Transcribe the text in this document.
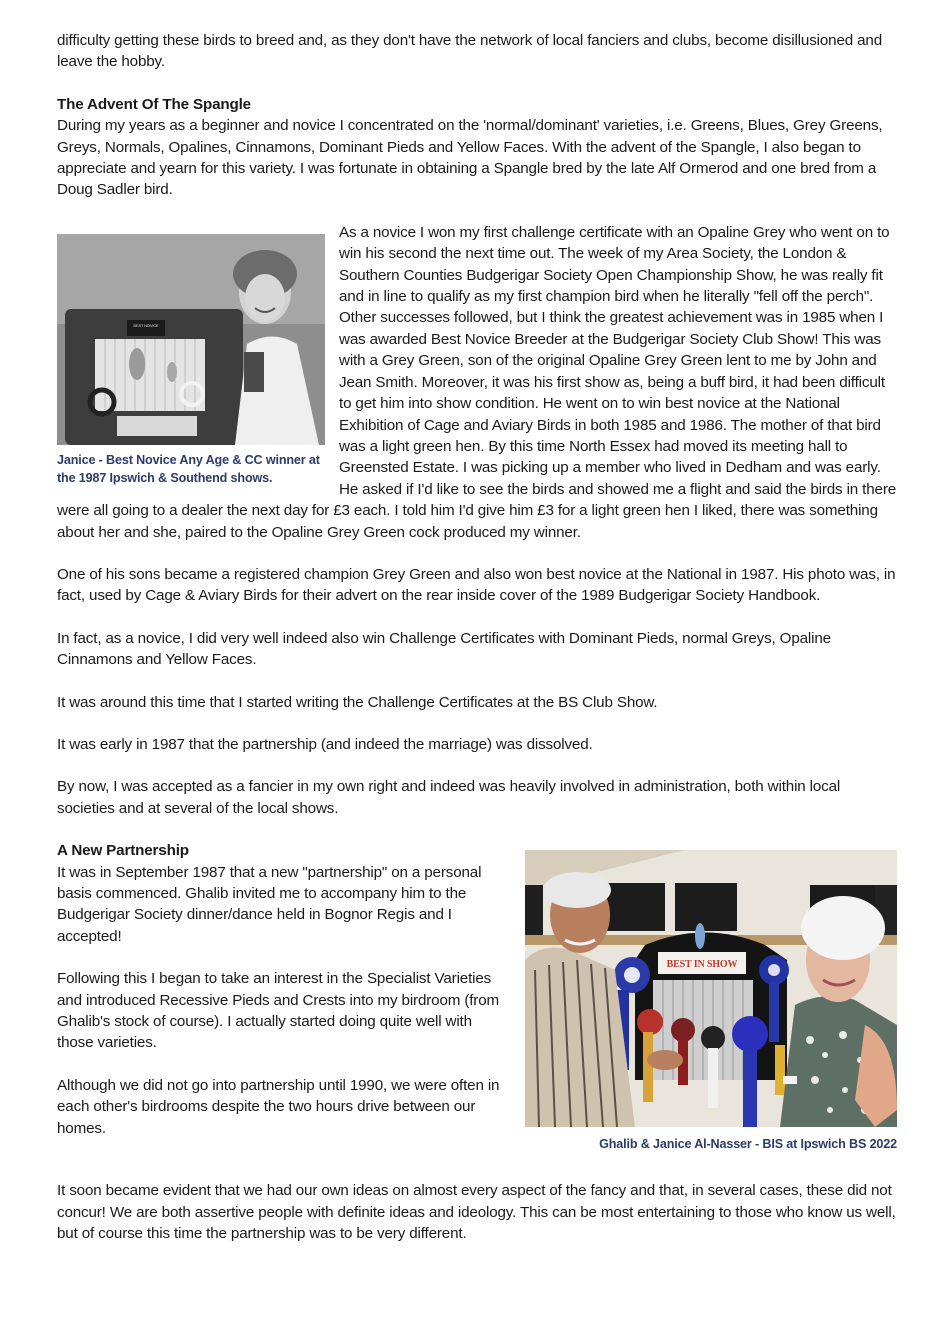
difficulty getting these birds to breed and, as they don't have the network of local fanciers and clubs, become disillusioned and leave the hobby.

The Advent Of The Spangle

During my years as a beginner and novice I concentrated on the 'normal/dominant' varieties, i.e. Greens, Blues, Grey Greens, Greys, Normals, Opalines, Cinnamons, Dominant Pieds and Yellow Faces. With the advent of the Spangle, I also began to appreciate and yearn for this variety. I was fortunate in obtaining a Spangle bred by the late Alf Ormerod and one bred from a Doug Sadler bird.

BEST NOVICE
Janice - Best Novice Any Age & CC winner at the 1987 Ipswich & Southend shows.

As a novice I won my first challenge certificate with an Opaline Grey who went on to win his second the next time out. The week of my Area Society, the London & Southern Counties Budgerigar Society Open Championship Show, he was really fit and in line to qualify as my first champion bird when he literally "fell off the perch". Other successes followed, but I think the greatest achievement was in 1985 when I was awarded Best Novice Breeder at the Budgerigar Society Club Show! This was with a Grey Green, son of the original Opaline Grey Green lent to me by John and Jean Smith. Moreover, it was his first show as, being a buff bird, it had been difficult to get him into show condition. He went on to win best novice at the National Exhibition of Cage and Aviary Birds in both 1985 and 1986. The mother of that bird was a light green hen. By this time North Essex had moved its meeting hall to Greensted Estate. I was picking up a member who lived in Dedham and was early. He asked if I'd like to see the birds and showed me a flight and said the birds in there were all going to a dealer the next day for £3 each. I told him I'd give him £3 for a light green hen I liked, there was something about her and she, paired to the Opaline Grey Green cock produced my winner.

One of his sons became a registered champion Grey Green and also won best novice at the National in 1987. His photo was, in fact, used by Cage & Aviary Birds for their advert on the rear inside cover of the 1989 Budgerigar Society Handbook.

In fact, as a novice, I did very well indeed also win Challenge Certificates with Dominant Pieds, normal Greys, Opaline Cinnamons and Yellow Faces.

It was around this time that I started writing the Challenge Certificates at the BS Club Show.

It was early in 1987 that the partnership (and indeed the marriage) was dissolved.

By now, I was accepted as a fancier in my own right and indeed was heavily involved in administration, both within local societies and at several of the local shows.

BEST IN SHOW
Ghalib & Janice Al-Nasser - BIS at Ipswich BS 2022
A New Partnership

It was in September 1987 that a new "partnership" on a personal basis commenced. Ghalib invited me to accompany him to the Budgerigar Society dinner/dance held in Bognor Regis and I accepted!

Following this I began to take an interest in the Specialist Varieties and introduced Recessive Pieds and Crests into my birdroom (from Ghalib's stock of course). I actually started doing quite well with those varieties.

Although we did not go into partnership until 1990, we were often in each other's birdrooms despite the two hours drive between our homes.

It soon became evident that we had our own ideas on almost every aspect of the fancy and that, in several cases, these did not concur! We are both assertive people with definite ideas and ideology. This can be most entertaining to those who know us well, but of course this time the partnership was to be very different.
